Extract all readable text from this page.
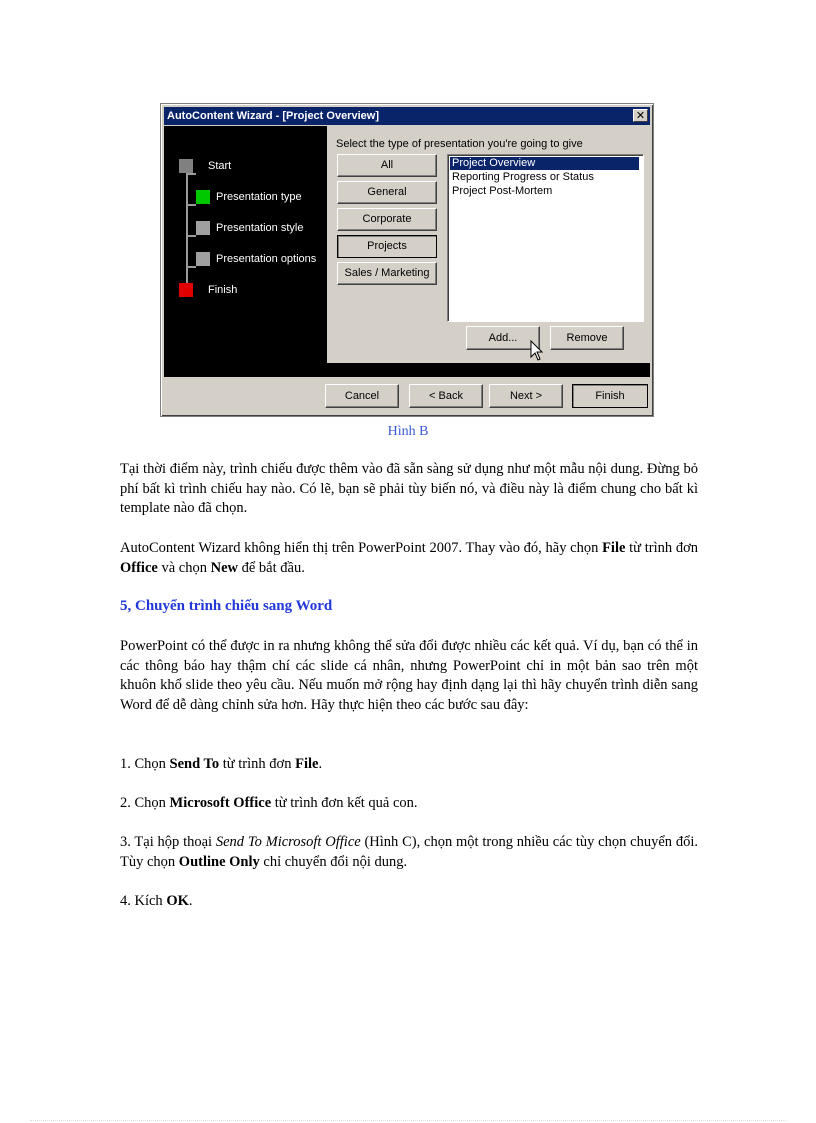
AutoContent Wizard - [Project Overview]	✕
Start
Presentation type
Presentation style
Presentation options
Finish
Select the type of presentation you're going to give
All
General
Corporate
Projects
Sales / Marketing
Project Overview
Reporting Progress or Status
Project Post-Mortem
Add...	Remove
Cancel	< Back	Next >	Finish
Hình B

Tại thời điểm này, trình chiếu được thêm vào đã sẵn sàng sử dụng như một mẫu nội dung. Đừng bỏ phí bất kì trình chiếu hay nào. Có lẽ, bạn sẽ phải tùy biến nó, và điều này là điểm chung cho bất kì template nào đã chọn.

AutoContent Wizard không hiển thị trên PowerPoint 2007. Thay vào đó, hãy chọn File từ trình đơn Office và chọn New để bắt đầu.

5, Chuyển trình chiếu sang Word

PowerPoint có thể được in ra nhưng không thể sửa đổi được nhiều các kết quả. Ví dụ, bạn có thể in các thông báo hay thậm chí các slide cá nhân, nhưng PowerPoint chỉ in một bản sao trên một khuôn khổ slide theo yêu cầu. Nếu muốn mở rộng hay định dạng lại thì hãy chuyển trình diễn sang Word để dễ dàng chỉnh sửa hơn. Hãy thực hiện theo các bước sau đây:

1. Chọn Send To từ trình đơn File.

2. Chọn Microsoft Office từ trình đơn kết quả con.

3. Tại hộp thoại Send To Microsoft Office (Hình C), chọn một trong nhiều các tùy chọn chuyển đổi. Tùy chọn Outline Only chỉ chuyển đổi nội dung.

4. Kích OK.
